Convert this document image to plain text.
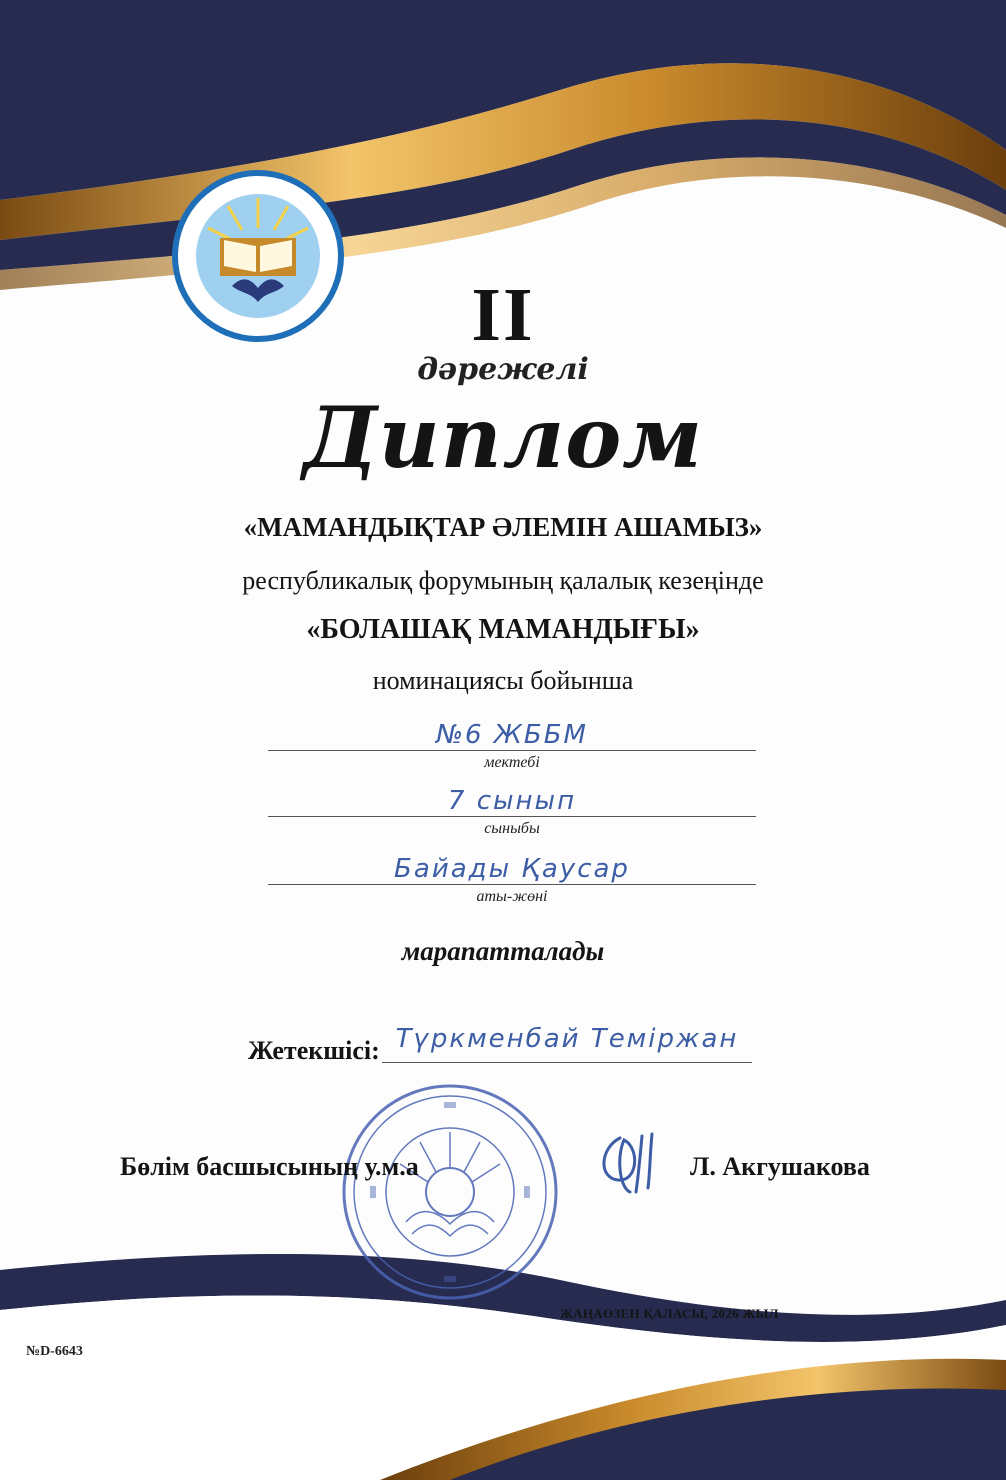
II
дәрежелі
Диплом
«МАМАНДЫҚТАР ӘЛЕМІН АШАМЫЗ»
республикалық форумының қалалық кезеңінде
«БОЛАШАҚ МАМАНДЫҒЫ»
номинациясы бойынша
№6 ЖББМ
мектебі
7 сынып
сыныбы
Байады Қаусар
аты-жөні
марапатталады
Жетекшісі: Түркменбай Теміржан
Бөлім басшысының у.м.а	Л. Акгушакова
ЖАҢАӨЗЕН ҚАЛАСЫ, 2026 ЖЫЛ
№D-6643
